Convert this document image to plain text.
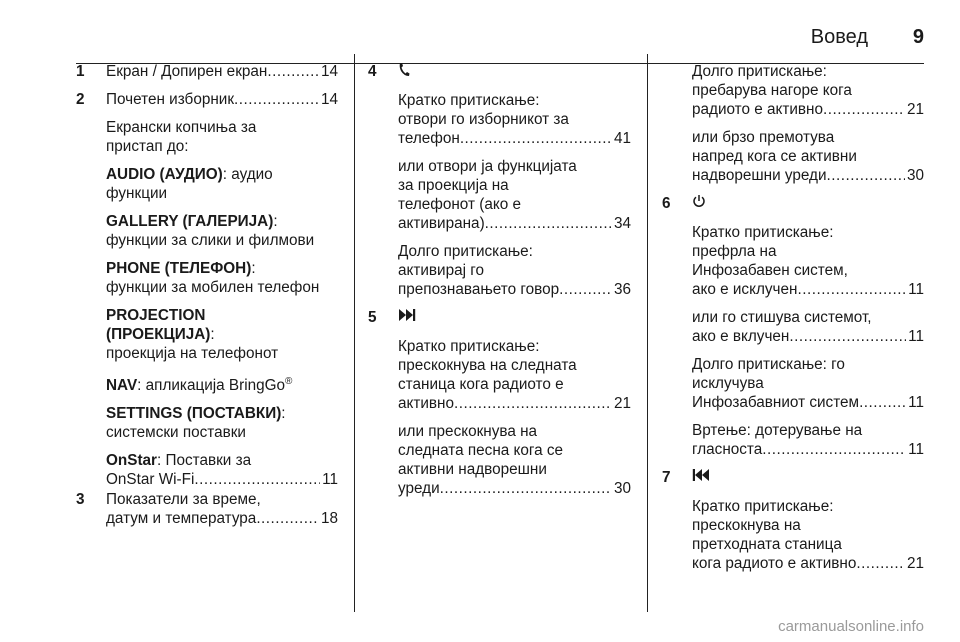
Вовед 9
1 Екран / Допирен екран .....	14
2 Почетен изборник .....	14
Екрански копчиња за
пристап до:
AUDIO (АУДИО): аудио
функции
GALLERY (ГАЛЕРИЈА):
функции за слики и филмови
PHONE (ТЕЛЕФОН):
функции за мобилен телефон
PROJECTION
(ПРОЕКЦИЈА):
проекција на телефонот
NAV: апликација BringGo®
SETTINGS (ПОСТАВКИ):
системски поставки
OnStar: Поставки за
OnStar Wi-Fi .....	11
3 Показатели за време,
датум и температура .....	18
4
Кратко притискање:
отвори го изборникот за
телефон .....	41
или отвори ја функцијата
за проекција на
телефонот (ако е
активирана) .....	34
Долго притискање:
активирај го
препознавањето говор .....	36
5
Кратко притискање:
прескокнува на следната
станица кога радиото е
активно .....	21
или прескокнува на
следната песна кога се
активни надворешни
уреди .....	30
Долго притискање:
пребарува нагоре кога
радиото е активно .....	21
или брзо премотува
напред кога се активни
надворешни уреди .....	30
6
Кратко притискање:
префрла на
Инфозабавен систем,
ако е исклучен .....	11
или го стишува системот,
ако е вклучен .....	11
Долго притискање: го
исклучува
Инфозабавниот систем .....	11
Вртење: дотерување на
гласноста .....	11
7
Кратко притискање:
прескокнува на
претходната станица
кога радиото е активно .....	21
carmanualsonline.info
